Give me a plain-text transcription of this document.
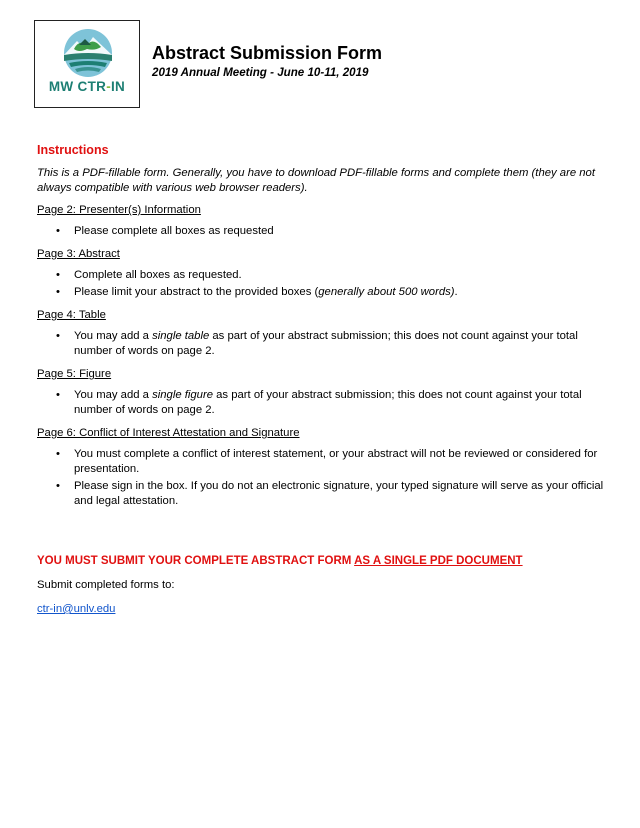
MW CTR-IN
Abstract Submission Form
2019 Annual Meeting - June 10-11, 2019
Instructions
This is a PDF-fillable form. Generally, you have to download PDF-fillable forms and complete them (they are not always compatible with various web browser readers).
Page 2: Presenter(s) Information
• Please complete all boxes as requested
Page 3: Abstract
• Complete all boxes as requested.
• Please limit your abstract to the provided boxes (generally about 500 words).
Page 4: Table
• You may add a single table as part of your abstract submission; this does not count against your total number of words on page 2.
Page 5: Figure
• You may add a single figure as part of your abstract submission; this does not count against your total number of words on page 2.
Page 6: Conflict of Interest Attestation and Signature
• You must complete a conflict of interest statement, or your abstract will not be reviewed or considered for presentation.
• Please sign in the box. If you do not an electronic signature, your typed signature will serve as your official and legal attestation.
YOU MUST SUBMIT YOUR COMPLETE ABSTRACT FORM AS A SINGLE PDF DOCUMENT
Submit completed forms to:
ctr-in@unlv.edu
